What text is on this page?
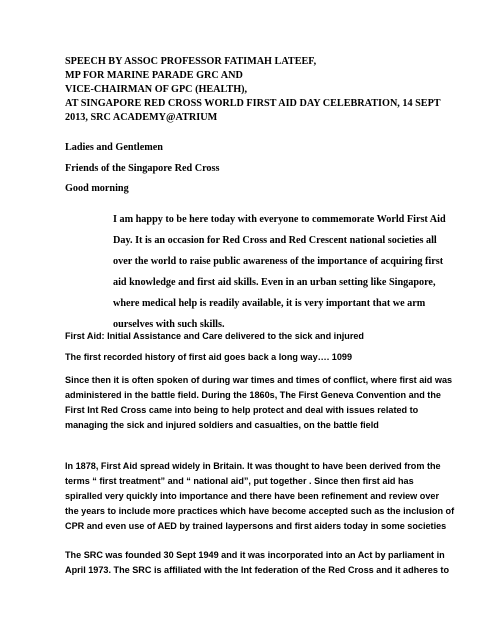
SPEECH BY ASSOC PROFESSOR FATIMAH LATEEF,
MP FOR MARINE PARADE GRC AND
VICE-CHAIRMAN OF GPC (HEALTH),
AT SINGAPORE RED CROSS WORLD FIRST AID DAY CELEBRATION, 14 SEPT
2013, SRC ACADEMY@ATRIUM
Ladies and Gentlemen
Friends of the Singapore Red Cross
Good morning
I am happy to be here today with everyone to commemorate World First Aid
Day. It is an occasion for Red Cross and Red Crescent national societies all
over the world to raise public awareness of the importance of acquiring first
aid knowledge and first aid skills. Even in an urban setting like Singapore,
where medical help is readily available, it is very important that we arm
ourselves with such skills.
First Aid: Initial Assistance and Care delivered to the sick and injured
The first recorded history of first aid goes back a long way…. 1099
Since then it is often spoken of during war times and times of conflict, where first aid was
administered in the battle field. During the 1860s, The First Geneva Convention and the
First Int Red Cross came into being to help protect and deal with issues related to
managing the sick and injured soldiers and casualties, on the battle field
In 1878, First Aid spread widely in Britain. It was thought to have been derived from the
terms “ first treatment” and “ national aid”, put together . Since then first aid has
spiralled very quickly into importance and there have been refinement and review over
the years to include more practices which have become accepted such as the inclusion of
CPR and even use of AED by trained laypersons and first aiders today in some societies
The SRC was founded 30 Sept 1949 and it was incorporated into an Act by parliament in
April 1973. The SRC is affiliated with the Int federation of the Red Cross and it adheres to
